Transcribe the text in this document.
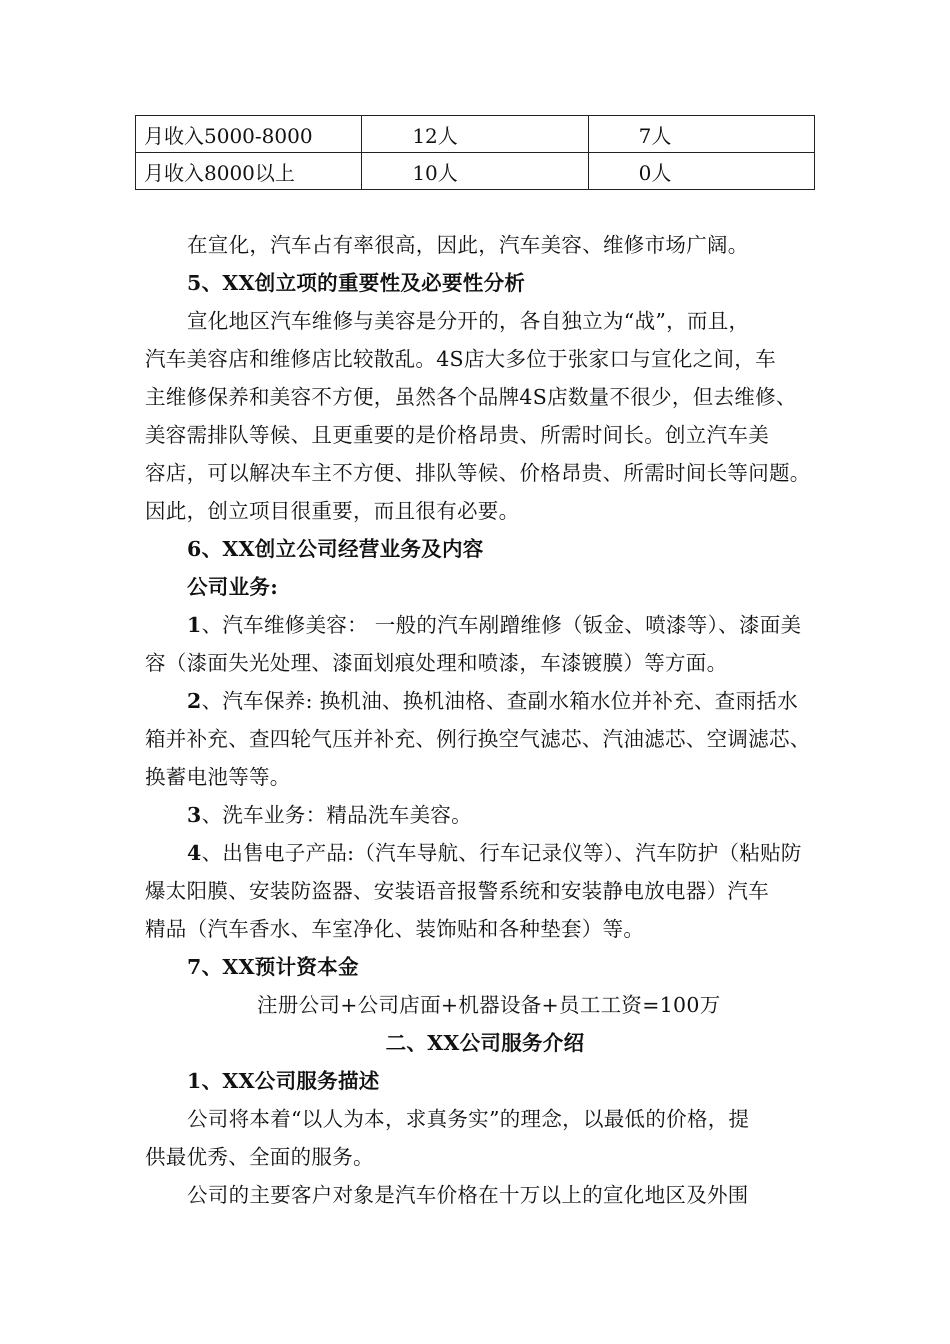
月收入5000-8000	12人	7人
月收入8000以上	10人	0人
在宣化，汽车占有率很高，因此，汽车美容、维修市场广阔。
5、XX创立项的重要性及必要性分析
宣化地区汽车维修与美容是分开的，各自独立为“战”，而且，
汽车美容店和维修店比较散乱。4S店大多位于张家口与宣化之间，车
主维修保养和美容不方便，虽然各个品牌4S店数量不很少，但去维修、
美容需排队等候、且更重要的是价格昂贵、所需时间长。创立汽车美
容店，可以解决车主不方便、排队等候、价格昂贵、所需时间长等问题。
因此，创立项目很重要，而且很有必要。
6、XX创立公司经营业务及内容
公司业务:
1、汽车维修美容： 一般的汽车剐蹭维修（钣金、喷漆等）、漆面美
容（漆面失光处理、漆面划痕处理和喷漆，车漆镀膜）等方面。
2、汽车保养: 换机油、换机油格、查副水箱水位并补充、查雨括水
箱并补充、查四轮气压并补充、例行换空气滤芯、汽油滤芯、空调滤芯、
换蓄电池等等。
3、洗车业务：精品洗车美容。
4、出售电子产品:（汽车导航、行车记录仪等）、汽车防护（粘贴防
爆太阳膜、安装防盗器、安装语音报警系统和安装静电放电器）汽车
精品（汽车香水、车室净化、装饰贴和各种垫套）等。
7、XX预计资本金
注册公司+公司店面+机器设备+员工工资=100万
二、XX公司服务介绍
1、XX公司服务描述
公司将本着“以人为本，求真务实”的理念，以最低的价格，提
供最优秀、全面的服务。
公司的主要客户对象是汽车价格在十万以上的宣化地区及外围
